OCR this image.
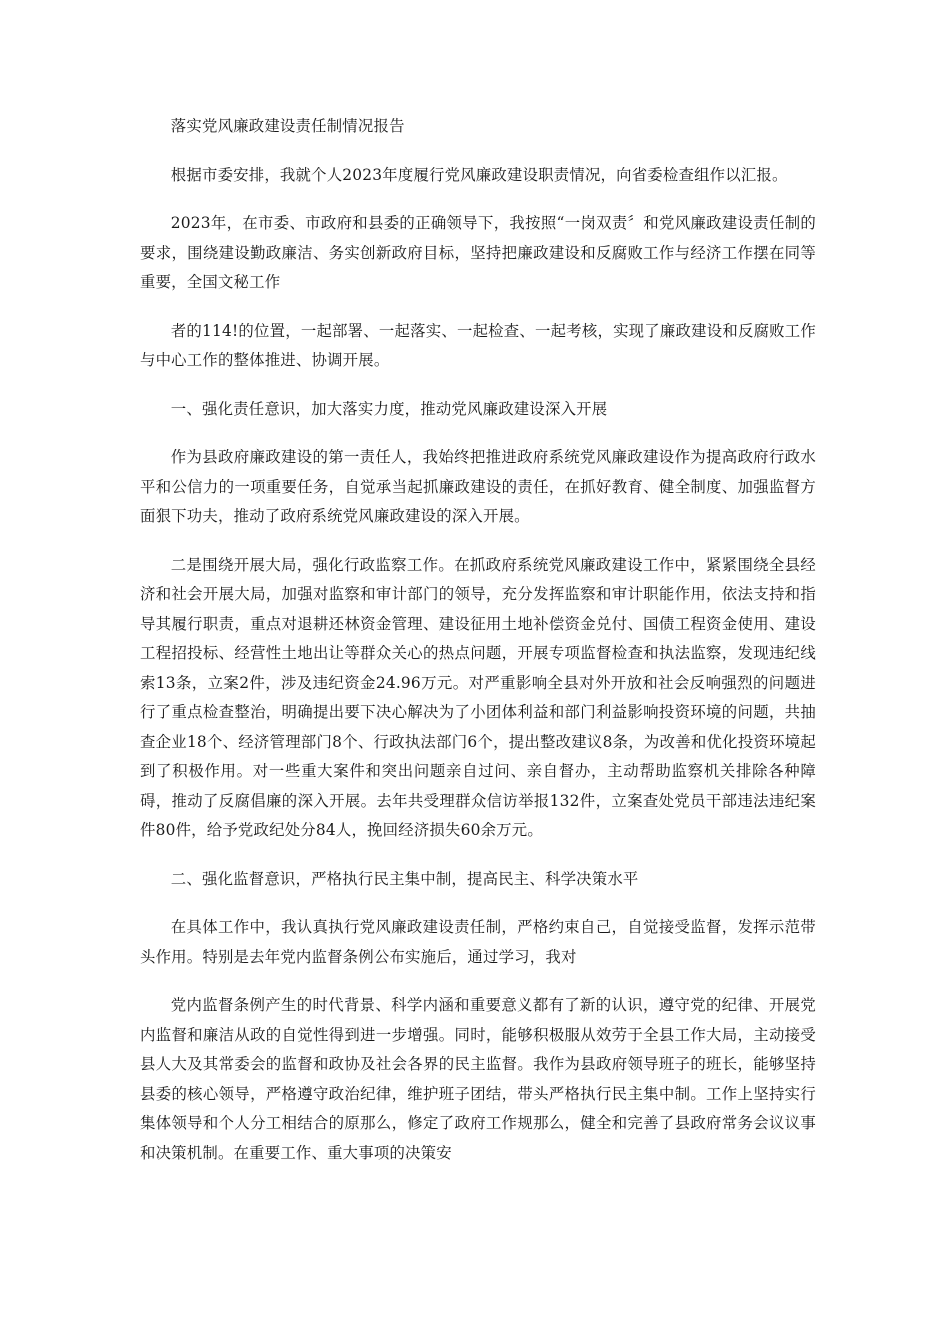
落实党风廉政建设责任制情况报告

根据市委安排，我就个人2023年度履行党风廉政建设职责情况，向省委检查组作以汇报。

2023年，在市委、市政府和县委的正确领导下，我按照“一岗双责〞和党风廉政建设责任制的要求，围绕建设勤政廉洁、务实创新政府目标，坚持把廉政建设和反腐败工作与经济工作摆在同等重要，全国文秘工作

者的114!的位置，一起部署、一起落实、一起检查、一起考核，实现了廉政建设和反腐败工作与中心工作的整体推进、协调开展。

一、强化责任意识，加大落实力度，推动党风廉政建设深入开展

作为县政府廉政建设的第一责任人，我始终把推进政府系统党风廉政建设作为提高政府行政水平和公信力的一项重要任务，自觉承当起抓廉政建设的责任，在抓好教育、健全制度、加强监督方面狠下功夫，推动了政府系统党风廉政建设的深入开展。

二是围绕开展大局，强化行政监察工作。在抓政府系统党风廉政建设工作中，紧紧围绕全县经济和社会开展大局，加强对监察和审计部门的领导，充分发挥监察和审计职能作用，依法支持和指导其履行职责，重点对退耕还林资金管理、建设征用土地补偿资金兑付、国债工程资金使用、建设工程招投标、经营性土地出让等群众关心的热点问题，开展专项监督检查和执法监察，发现违纪线索13条，立案2件，涉及违纪资金24.96万元。对严重影响全县对外开放和社会反响强烈的问题进行了重点检查整治，明确提出要下决心解决为了小团体利益和部门利益影响投资环境的问题，共抽查企业18个、经济管理部门8个、行政执法部门6个，提出整改建议8条，为改善和优化投资环境起到了积极作用。对一些重大案件和突出问题亲自过问、亲自督办，主动帮助监察机关排除各种障碍，推动了反腐倡廉的深入开展。去年共受理群众信访举报132件，立案查处党员干部违法违纪案件80件，给予党政纪处分84人，挽回经济损失60余万元。

二、强化监督意识，严格执行民主集中制，提高民主、科学决策水平

在具体工作中，我认真执行党风廉政建设责任制，严格约束自己，自觉接受监督，发挥示范带头作用。特别是去年党内监督条例公布实施后，通过学习，我对

党内监督条例产生的时代背景、科学内涵和重要意义都有了新的认识，遵守党的纪律、开展党内监督和廉洁从政的自觉性得到进一步增强。同时，能够积极服从效劳于全县工作大局，主动接受县人大及其常委会的监督和政协及社会各界的民主监督。我作为县政府领导班子的班长，能够坚持县委的核心领导，严格遵守政治纪律，维护班子团结，带头严格执行民主集中制。工作上坚持实行集体领导和个人分工相结合的原那么，修定了政府工作规那么，健全和完善了县政府常务会议议事和决策机制。在重要工作、重大事项的决策安
